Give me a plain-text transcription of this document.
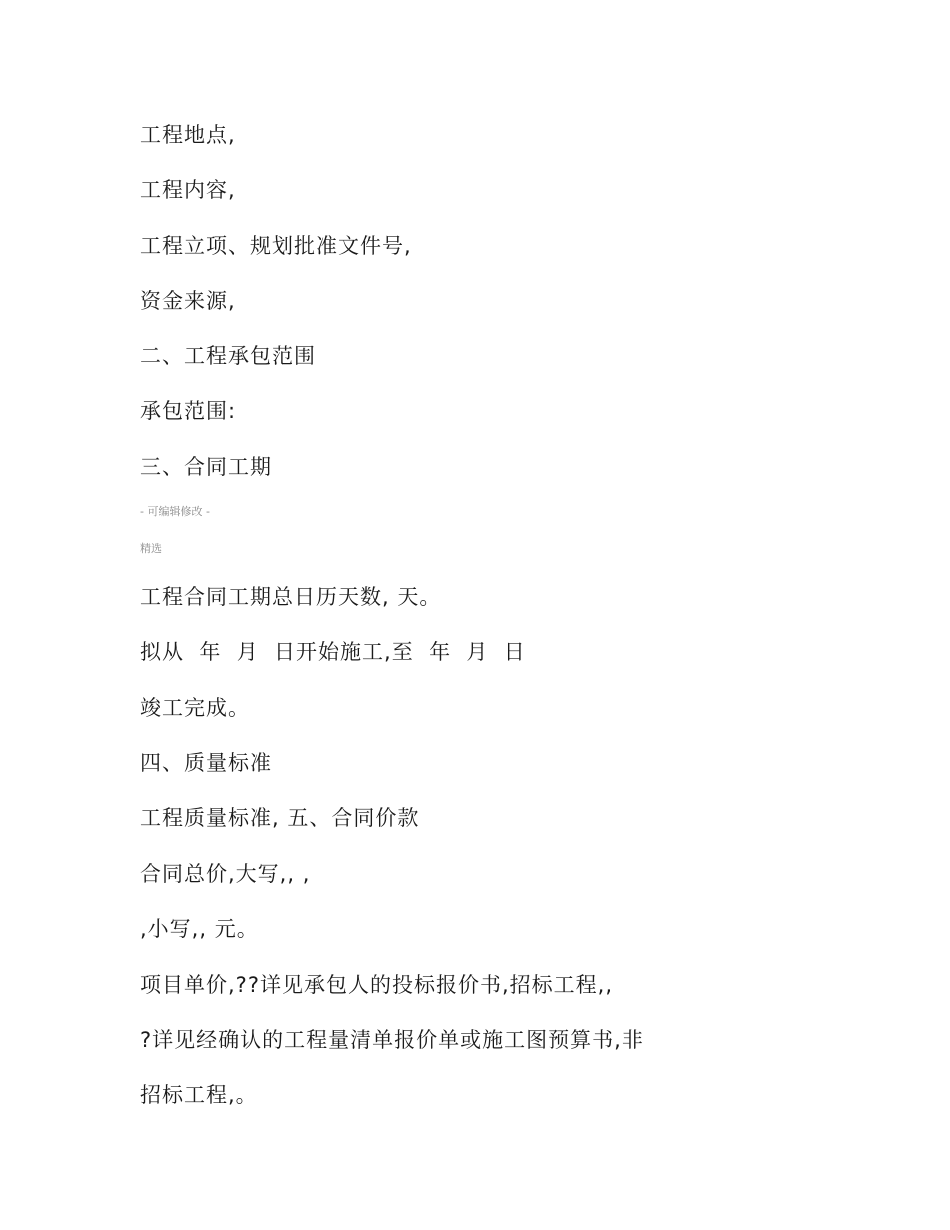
工程地点,
工程内容,
工程立项、规划批准文件号,
资金来源,
二、工程承包范围
承包范围:
三、合同工期
- 可编辑修改 -
精选
工程合同工期总日历天数, 天。
拟从  年  月  日开始施工,至  年  月  日
竣工完成。
四、质量标准
工程质量标准, 五、合同价款
合同总价,大写,, ,
,小写,, 元。
项目单价,??详见承包人的投标报价书,招标工程,,
?详见经确认的工程量清单报价单或施工图预算书,非
招标工程,。
